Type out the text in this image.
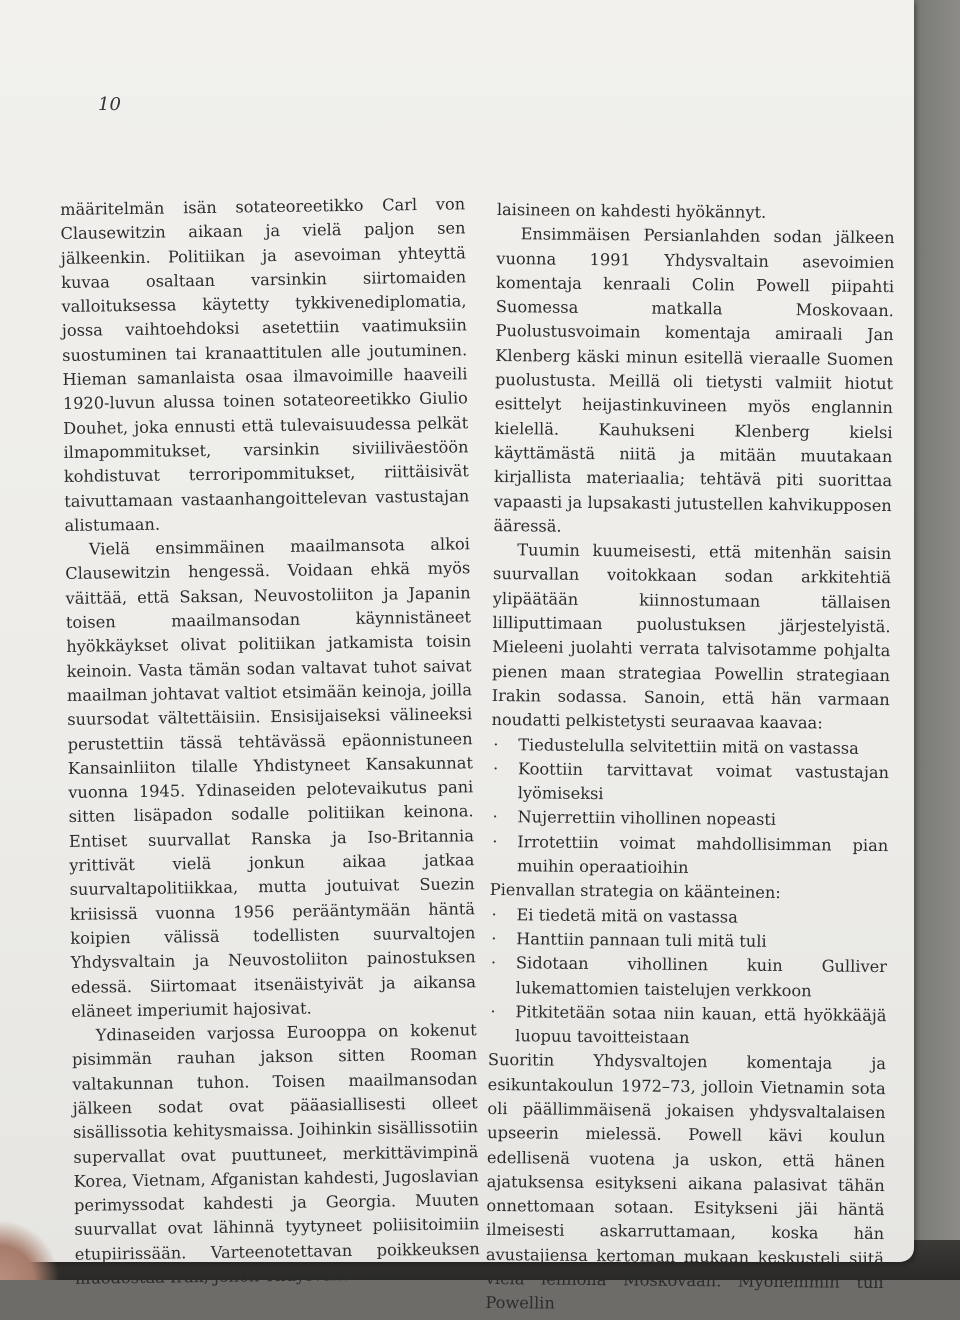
10

määritelmän isän sotateoreetikko Carl von Clausewitzin aikaan ja vielä paljon sen jälkeenkin. Politiikan ja asevoiman yhteyttä kuvaa osaltaan varsinkin siirtomaiden valloituksessa käytetty tykkivenediplomatia, jossa vaihtoehdoksi asetettiin vaatimuksiin suostuminen tai kranaattitulen alle joutuminen. Hieman samanlaista osaa ilmavoimille haaveili 1920-luvun alussa toinen sotateoreetikko Giulio Douhet, joka ennusti että tulevaisuudessa pelkät ilmapommitukset, varsinkin siviiliväestöön kohdistuvat terroripommitukset, riittäisivät taivuttamaan vastaanhangoittelevan vastustajan alistumaan.

Vielä ensimmäinen maailmansota alkoi Clausewitzin hengessä. Voidaan ehkä myös väittää, että Saksan, Neuvostoliiton ja Japanin toisen maailmansodan käynnistäneet hyökkäykset olivat politiikan jatkamista toisin keinoin. Vasta tämän sodan valtavat tuhot saivat maailman johtavat valtiot etsimään keinoja, joilla suursodat vältettäisiin. Ensisijaiseksi välineeksi perustettiin tässä tehtävässä epäonnistuneen Kansainliiton tilalle Yhdistyneet Kansakunnat vuonna 1945. Ydinaseiden pelotevaikutus pani sitten lisäpadon sodalle politiikan keinona. Entiset suurvallat Ranska ja Iso-Britannia yrittivät vielä jonkun aikaa jatkaa suurvaltapolitiikkaa, mutta joutuivat Suezin kriisissä vuonna 1956 perääntymään häntä koipien välissä todellisten suurvaltojen Yhdysvaltain ja Neuvostoliiton painostuksen edessä. Siirtomaat itsenäistyivät ja aikansa eläneet imperiumit hajosivat.

Ydinaseiden varjossa Eurooppa on kokenut pisimmän rauhan jakson sitten Rooman valtakunnan tuhon. Toisen maailmansodan jälkeen sodat ovat pääasiallisesti olleet sisällissotia kehitysmaissa. Joihinkin sisällissotiin supervallat ovat puuttuneet, merkittävimpinä Korea, Vietnam, Afganistan kahdesti, Jugoslavian perimyssodat kahdesti ja Georgia. Muuten suurvallat ovat lähinnä tyytyneet poliisitoimiin etupiirissään. Varteenotettavan poikkeuksen muodostaa Irak, johon Yhdysvallat liitto-

laisineen on kahdesti hyökännyt.

Ensimmäisen Persianlahden sodan jälkeen vuonna 1991 Yhdysvaltain asevoimien komentaja kenraali Colin Powell piipahti Suomessa matkalla Moskovaan. Puolustusvoimain komentaja amiraali Jan Klenberg käski minun esitellä vieraalle Suomen puolustusta. Meillä oli tietysti valmiit hiotut esittelyt heijastinkuvineen myös englannin kielellä. Kauhukseni Klenberg kielsi käyttämästä niitä ja mitään muutakaan kirjallista materiaalia; tehtävä piti suorittaa vapaasti ja lupsakasti jutustellen kahvikupposen ääressä.

Tuumin kuumeisesti, että mitenhän saisin suurvallan voitokkaan sodan arkkitehtiä ylipäätään kiinnostumaan tällaisen lilliputtimaan puolustuksen järjestelyistä. Mieleeni juolahti verrata talvisotamme pohjalta pienen maan strategiaa Powellin strategiaan Irakin sodassa. Sanoin, että hän varmaan noudatti pelkistetysti seuraavaa kaavaa:

· Tiedustelulla selvitettiin mitä on vastassa
· Koottiin tarvittavat voimat vastustajan lyömiseksi
· Nujerrettiin vihollinen nopeasti
· Irrotettiin voimat mahdollisimman pian muihin operaatioihin

Pienvallan strategia on käänteinen:

· Ei tiedetä mitä on vastassa
· Hanttiin pannaan tuli mitä tuli
· Sidotaan vihollinen kuin Gulliver lukemattomien taistelujen verkkoon
· Pitkitetään sotaa niin kauan, että hyökkääjä luopuu tavoitteistaan

Suoritin Yhdysvaltojen komentaja ja esikuntakoulun 1972–73, jolloin Vietnamin sota oli päällimmäisenä jokaisen yhdysvaltalaisen upseerin mielessä. Powell kävi koulun edellisenä vuotena ja uskon, että hänen ajatuksensa esitykseni aikana palasivat tähän onnettomaan sotaan. Esitykseni jäi häntä ilmeisesti askarruttamaan, koska hän avustajiensa kertoman mukaan keskusteli siitä vielä lennolla Moskovaan. Myöhemmin tuli Powellin
